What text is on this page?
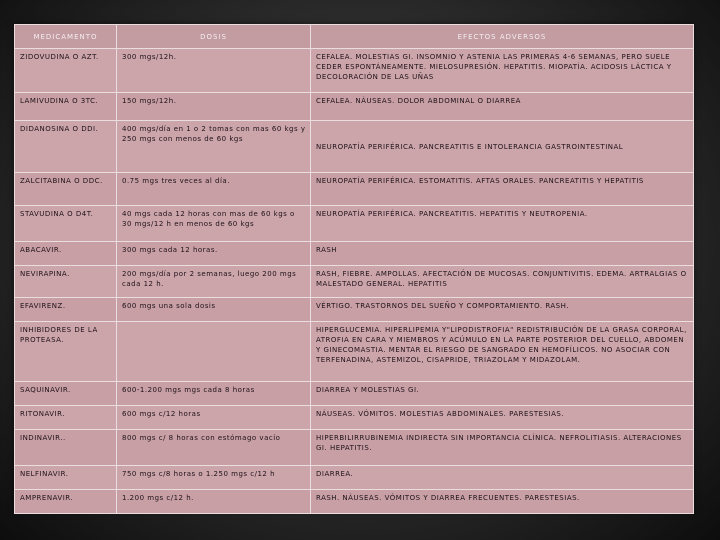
MEDICAMENTO	DOSIS	EFECTOS ADVERSOS
ZIDOVUDINA O AZT.	300 mgs/12h.	CEFALEA. MOLESTIAS GI. INSOMNIO Y ASTENIA LAS PRIMERAS 4-6 SEMANAS, PERO SUELE CEDER ESPONTÁNEAMENTE. MIELOSUPRESIÓN. HEPATITIS. MIOPATÍA. ACIDOSIS LÁCTICA Y DECOLORACIÓN DE LAS UÑAS
LAMIVUDINA O 3TC.	150 mgs/12h.	CEFALEA. NÁUSEAS. DOLOR ABDOMINAL O DIARREA
DIDANOSINA O DDI.	400 mgs/día en 1 o 2 tomas con mas 60 kgs y 250 mgs con menos de 60 kgs	NEUROPATÍA PERIFÉRICA. PANCREATITIS E INTOLERANCIA GASTROINTESTINAL
ZALCITABINA O DDC.	0.75 mgs tres veces al día.	NEUROPATÍA PERIFÉRICA. ESTOMATITIS. AFTAS ORALES. PANCREATITIS Y HEPATITIS
STAVUDINA O D4T.	40 mgs cada 12 horas con mas de 60 kgs o 30 mgs/12 h en menos de 60 kgs	NEUROPATÍA PERIFÉRICA. PANCREATITIS. HEPATITIS Y NEUTROPENIA.
ABACAVIR.	300 mgs cada 12 horas.	RASH
NEVIRAPINA.	200 mgs/día por 2 semanas, luego 200 mgs cada 12 h.	RASH, FIEBRE. AMPOLLAS. AFECTACIÓN DE MUCOSAS. CONJUNTIVITIS. EDEMA. ARTRALGIAS O MALESTADO GENERAL. HEPATITIS
EFAVIRENZ.	600 mgs una sola dosis	VÉRTIGO. TRASTORNOS DEL SUEÑO Y COMPORTAMIENTO. RASH.
INHIBIDORES DE LA PROTEASA.		HIPERGLUCEMIA. HIPERLIPEMIA Y"LIPODISTROFIA" REDISTRIBUCIÓN DE LA GRASA CORPORAL, ATROFIA EN CARA Y MIEMBROS Y ACÚMULO EN LA PARTE POSTERIOR DEL CUELLO, ABDOMEN Y GINECOMASTIA. MENTAR EL RIESGO DE SANGRADO EN HEMOFÍLICOS. NO ASOCIAR CON TERFENADINA, ASTEMIZOL, CISAPRIDE, TRIAZOLAM Y MIDAZOLAM.
SAQUINAVIR.	600-1.200 mgs mgs cada 8 horas	DIARREA Y MOLESTIAS GI.
RITONAVIR.	600 mgs c/12 horas	NÁUSEAS. VÓMITOS. MOLESTIAS ABDOMINALES. PARESTESIAS.
INDINAVIR..	800 mgs c/ 8 horas con estómago vacío	HIPERBILIRRUBINEMIA INDIRECTA SIN IMPORTANCIA CLÍNICA. NEFROLITIASIS. ALTERACIONES GI. HEPATITIS.
NELFINAVIR.	750 mgs c/8 horas o 1.250 mgs c/12 h	DIARREA.
AMPRENAVIR.	1.200 mgs c/12 h.	RASH. NÁUSEAS. VÓMITOS Y DIARREA FRECUENTES. PARESTESIAS.
